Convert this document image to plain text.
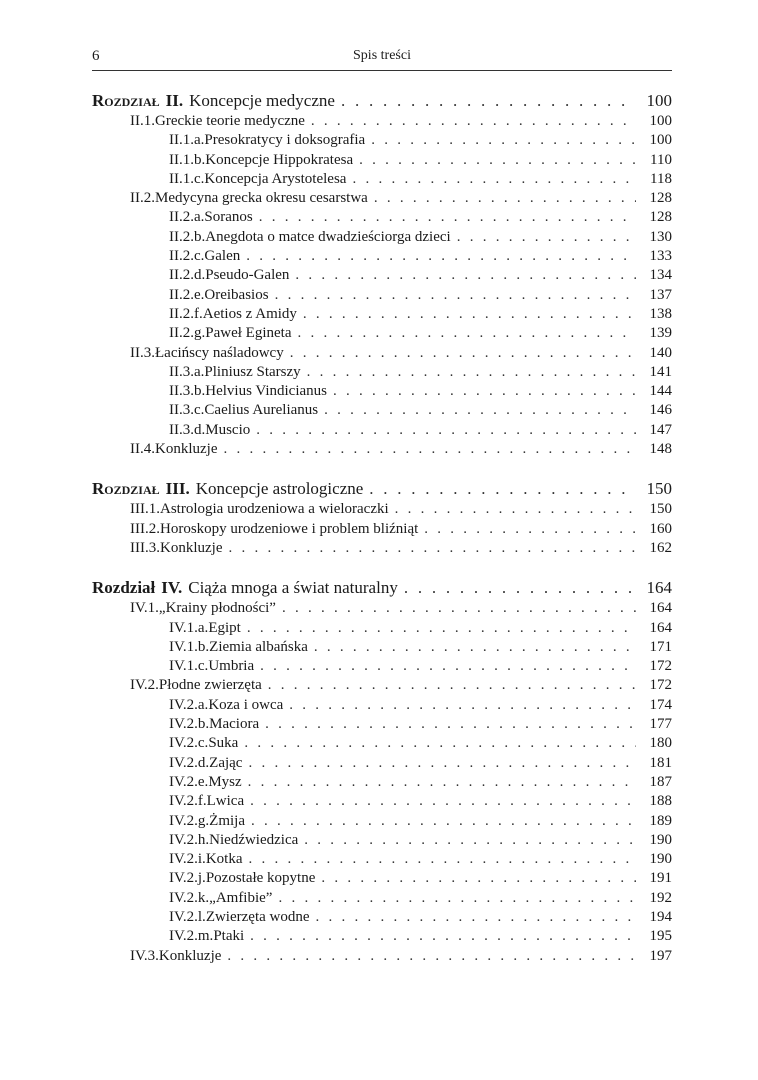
6	Spis treści
Rozdział II. Koncepcje medyczne . . .	100
II.1. Greckie teorie medyczne . . .	100
II.1.a. Presokratycy i doksografia . . .	100
II.1.b. Koncepcje Hippokratesa . . .	110
II.1.c. Koncepcja Arystotelesa . . .	118
II.2. Medycyna grecka okresu cesarstwa . . .	128
II.2.a. Soranos . . .	128
II.2.b. Anegdota o matce dwadzieściorga dzieci . . .	130
II.2.c. Galen . . .	133
II.2.d. Pseudo-Galen . . .	134
II.2.e. Oreibasios . . .	137
II.2.f. Aetios z Amidy . . .	138
II.2.g. Paweł Egineta . . .	139
II.3. Łacińscy naśladowcy . . .	140
II.3.a. Pliniusz Starszy . . .	141
II.3.b. Helvius Vindicianus . . .	144
II.3.c. Caelius Aurelianus . . .	146
II.3.d. Muscio . . .	147
II.4. Konkluzje . . .	148
Rozdział III. Koncepcje astrologiczne . . .	150
III.1. Astrologia urodzeniowa a wieloraczki . . .	150
III.2. Horoskopy urodzeniowe i problem bliźniąt . . .	160
III.3. Konkluzje . . .	162
Rozdział IV. Ciąża mnoga a świat naturalny . . .	164
IV.1. „Krainy płodności” . . .	164
IV.1.a. Egipt . . .	164
IV.1.b. Ziemia albańska . . .	171
IV.1.c. Umbria . . .	172
IV.2. Płodne zwierzęta . . .	172
IV.2.a. Koza i owca . . .	174
IV.2.b. Maciora . . .	177
IV.2.c. Suka . . .	180
IV.2.d. Zając . . .	181
IV.2.e. Mysz . . .	187
IV.2.f. Lwica . . .	188
IV.2.g. Żmija . . .	189
IV.2.h. Niedźwiedzica . . .	190
IV.2.i. Kotka . . .	190
IV.2.j. Pozostałe kopytne . . .	191
IV.2.k. „Amfibie” . . .	192
IV.2.l. Zwierzęta wodne . . .	194
IV.2.m. Ptaki . . .	195
IV.3. Konkluzje . . .	197
